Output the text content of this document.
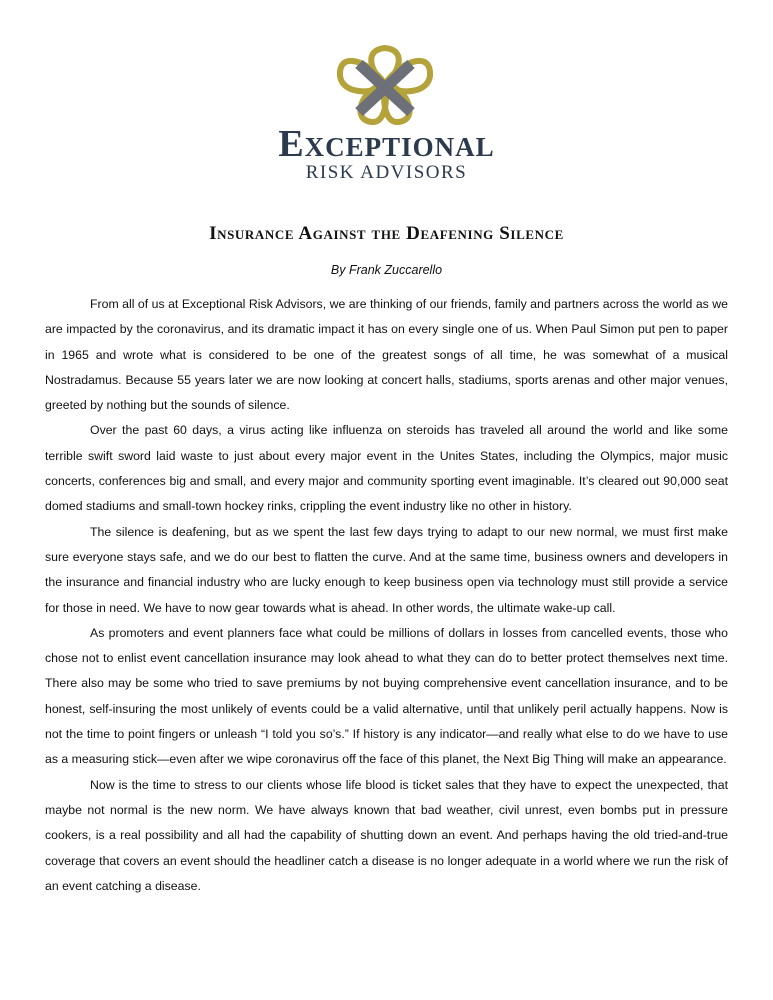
Exceptional
RISK ADVISORS
Insurance Against the Deafening Silence
By Frank Zuccarello

From all of us at Exceptional Risk Advisors, we are thinking of our friends, family and partners across the world as we are impacted by the coronavirus, and its dramatic impact it has on every single one of us. When Paul Simon put pen to paper in 1965 and wrote what is considered to be one of the greatest songs of all time, he was somewhat of a musical Nostradamus. Because 55 years later we are now looking at concert halls, stadiums, sports arenas and other major venues, greeted by nothing but the sounds of silence.

Over the past 60 days, a virus acting like influenza on steroids has traveled all around the world and like some terrible swift sword laid waste to just about every major event in the Unites States, including the Olympics, major music concerts, conferences big and small, and every major and community sporting event imaginable. It’s cleared out 90,000 seat domed stadiums and small-town hockey rinks, crippling the event industry like no other in history.

The silence is deafening, but as we spent the last few days trying to adapt to our new normal, we must first make sure everyone stays safe, and we do our best to flatten the curve. And at the same time, business owners and developers in the insurance and financial industry who are lucky enough to keep business open via technology must still provide a service for those in need. We have to now gear towards what is ahead. In other words, the ultimate wake-up call.

As promoters and event planners face what could be millions of dollars in losses from cancelled events, those who chose not to enlist event cancellation insurance may look ahead to what they can do to better protect themselves next time. There also may be some who tried to save premiums by not buying comprehensive event cancellation insurance, and to be honest, self-insuring the most unlikely of events could be a valid alternative, until that unlikely peril actually happens. Now is not the time to point fingers or unleash “I told you so’s.” If history is any indicator—and really what else to do we have to use as a measuring stick—even after we wipe coronavirus off the face of this planet, the Next Big Thing will make an appearance.

Now is the time to stress to our clients whose life blood is ticket sales that they have to expect the unexpected, that maybe not normal is the new norm. We have always known that bad weather, civil unrest, even bombs put in pressure cookers, is a real possibility and all had the capability of shutting down an event. And perhaps having the old tried-and-true coverage that covers an event should the headliner catch a disease is no longer adequate in a world where we run the risk of an event catching a disease.
